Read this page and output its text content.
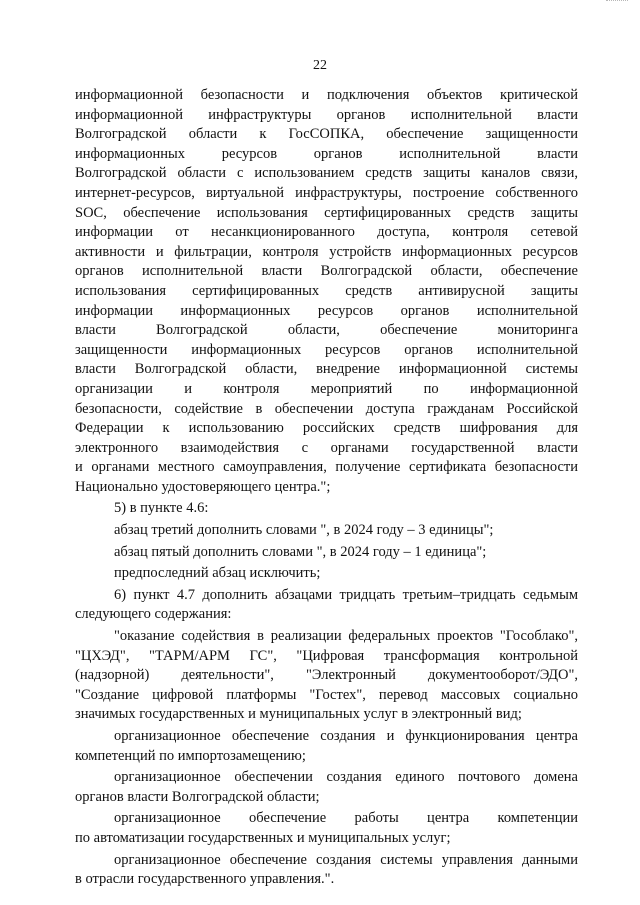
22
информационной безопасности и подключения объектов критической
информационной инфраструктуры органов исполнительной власти
Волгоградской области к ГосСОПКА, обеспечение защищенности
информационных ресурсов органов исполнительной власти
Волгоградской области с использованием средств защиты каналов связи,
интернет-ресурсов, виртуальной инфраструктуры, построение собственного
SOC, обеспечение использования сертифицированных средств защиты
информации от несанкционированного доступа, контроля сетевой
активности и фильтрации, контроля устройств информационных ресурсов
органов исполнительной власти Волгоградской области, обеспечение
использования сертифицированных средств антивирусной защиты
информации информационных ресурсов органов исполнительной
власти Волгоградской области, обеспечение мониторинга
защищенности информационных ресурсов органов исполнительной
власти Волгоградской области, внедрение информационной системы
организации и контроля мероприятий по информационной
безопасности, содействие в обеспечении доступа гражданам Российской
Федерации к использованию российских средств шифрования для
электронного взаимодействия с органами государственной власти
и органами местного самоуправления, получение сертификата безопасности
Национально удостоверяющего центра.";
5) в пункте 4.6:
абзац третий дополнить словами ", в 2024 году – 3 единицы";
абзац пятый дополнить словами ", в 2024 году – 1 единица";
предпоследний абзац исключить;
6) пункт 4.7 дополнить абзацами тридцать третьим–тридцать седьмым
следующего содержания:
"оказание содействия в реализации федеральных проектов "Гособлако",
"ЦХЭД", "ТАРМ/АРМ ГС", "Цифровая трансформация контрольной
(надзорной) деятельности", "Электронный документооборот/ЭДО",
"Создание цифровой платформы "Гостех", перевод массовых социально
значимых государственных и муниципальных услуг в электронный вид;
организационное обеспечение создания и функционирования центра
компетенций по импортозамещению;
организационное обеспечении создания единого почтового домена
органов власти Волгоградской области;
организационное обеспечение работы центра компетенции
по автоматизации государственных и муниципальных услуг;
организационное обеспечение создания системы управления данными
в отрасли государственного управления.".
